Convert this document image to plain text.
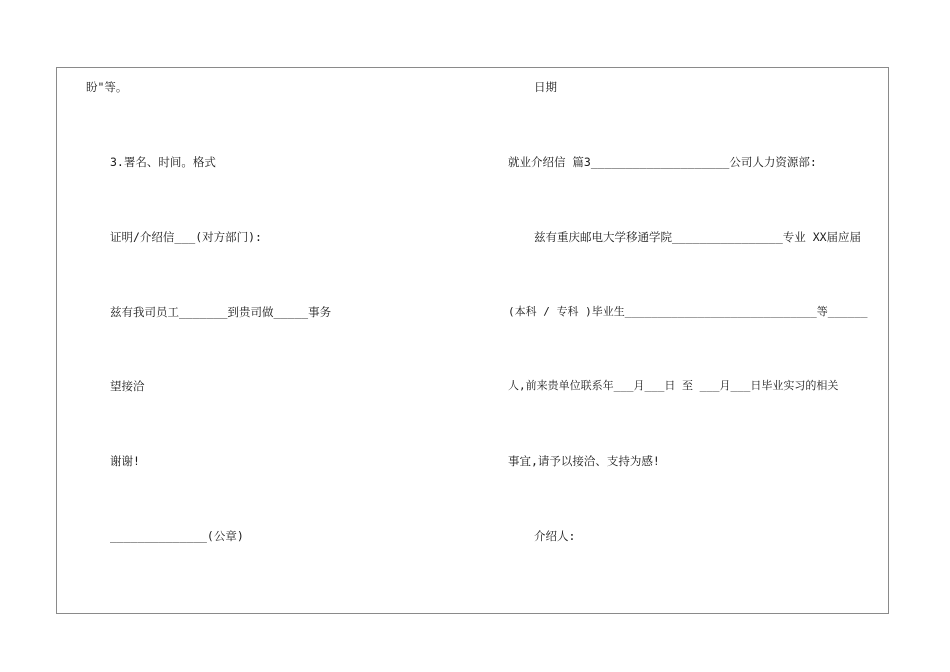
盼"等。
3.署名、时间。格式
证明/介绍信___(对方部门):
兹有我司员工_______到贵司做_____事务
望接洽
谢谢!
______________(公章)
日期
就业介绍信 篇3____________________公司人力资源部:
兹有重庆邮电大学移通学院________________专业 XX届应届
(本科 / 专科 )毕业生_____________________________等______
人,前来贵单位联系年___月___日 至 ___月___日毕业实习的相关
事宜,请予以接洽、支持为感!
介绍人:
